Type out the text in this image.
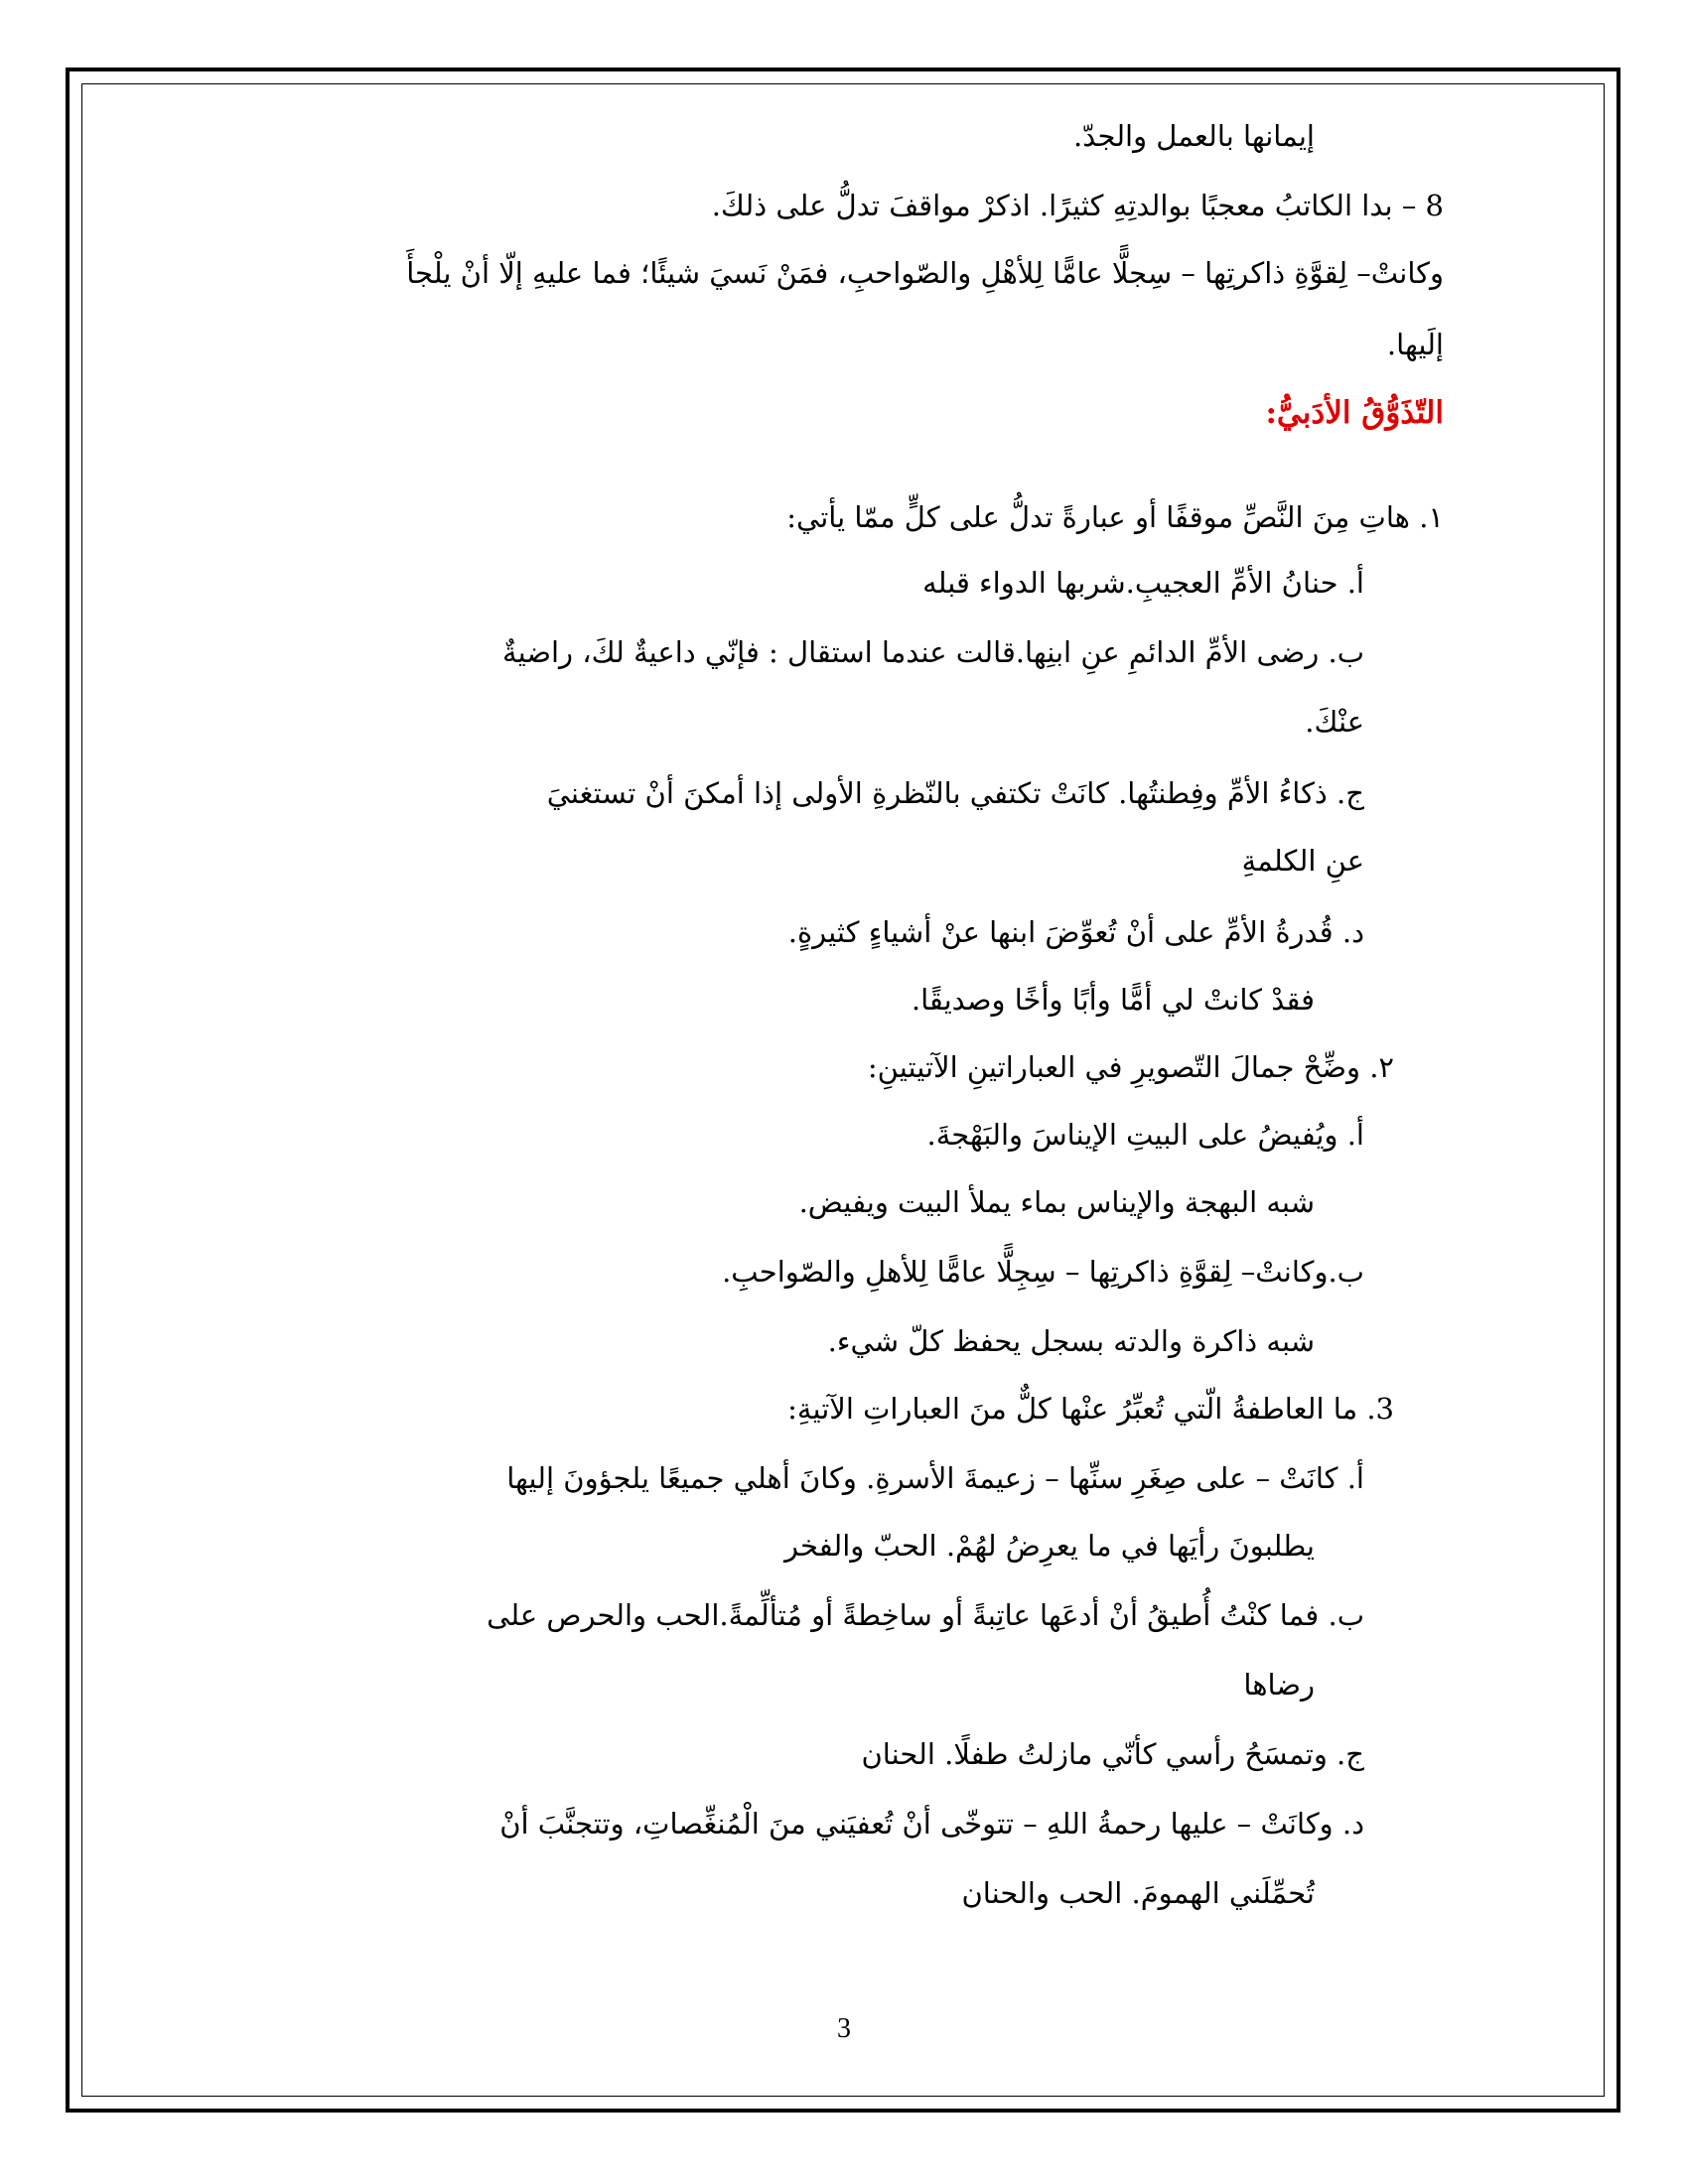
إيمانها بالعمل والجدّ.
8 – بدا الكاتبُ معجبًا بوالدتِهِ كثيرًا. اذكرْ مواقفَ تدلُّ على ذلكَ.
وكانتْ– لِقوَّةِ ذاكرتِها – سِجلًّا عامًّا لِلأهْلِ والصّواحبِ، فمَنْ نَسيَ شيئًا؛ فما عليهِ إلّا أنْ يلْجأَ
إلَيها.
التّذَوُّقُ الأدَبيُّ:
١. هاتِ مِنَ النَّصِّ موقفًا أو عبارةً تدلُّ على كلٍّ ممّا يأتي:
أ. حنانُ الأمِّ العجيبِ.شربها الدواء قبله
ب. رضى الأمِّ الدائمِ عنِ ابنِها.قالت عندما استقال : فإنّي داعيةٌ لكَ، راضيةٌ
عنْكَ.
ج. ذكاءُ الأمِّ وفِطنتُها. كانَتْ تكتفي بالنّظرةِ الأولى إذا أمكنَ أنْ تستغنيَ
عنِ الكلمةِ
د. قُدرةُ الأمِّ على أنْ تُعوِّضَ ابنها عنْ أشياءٍ كثيرةٍ.
فقدْ كانتْ لي أمًّا وأبًا وأخًا وصديقًا.
٢. وضِّحْ جمالَ التّصويرِ في العباراتينِ الآتيتينِ:
أ. ويُفيضُ على البيتِ الإيناسَ والبَهْجةَ.
شبه البهجة والإيناس بماء يملأ البيت ويفيض.
ب.وكانتْ– لِقوَّةِ ذاكرتِها – سِجِلًّا عامًّا لِلأهلِ والصّواحبِ.
شبه ذاكرة والدته بسجل يحفظ كلّ شيء.
3. ما العاطفةُ الّتي تُعبِّرُ عنْها كلٌّ منَ العباراتِ الآتيةِ:
أ. كانَتْ – على صِغَرِ سنِّها – زعيمةَ الأسرةِ. وكانَ أهلي جميعًا يلجؤونَ إليها
يطلبونَ رأيَها في ما يعرِضُ لهُمْ. الحبّ والفخر
ب. فما كنْتُ أُطيقُ أنْ أدعَها عاتِبةً أو ساخِطةً أو مُتألِّمةً.الحب والحرص على
رضاها
ج. وتمسَحُ رأسي كأنّي مازلتُ طفلًا. الحنان
د. وكانَتْ – عليها رحمةُ اللهِ – تتوخّى أنْ تُعفيَني منَ الْمُنغِّصاتِ، وتتجنَّبَ أنْ
تُحمِّلَني الهمومَ. الحب والحنان
3
